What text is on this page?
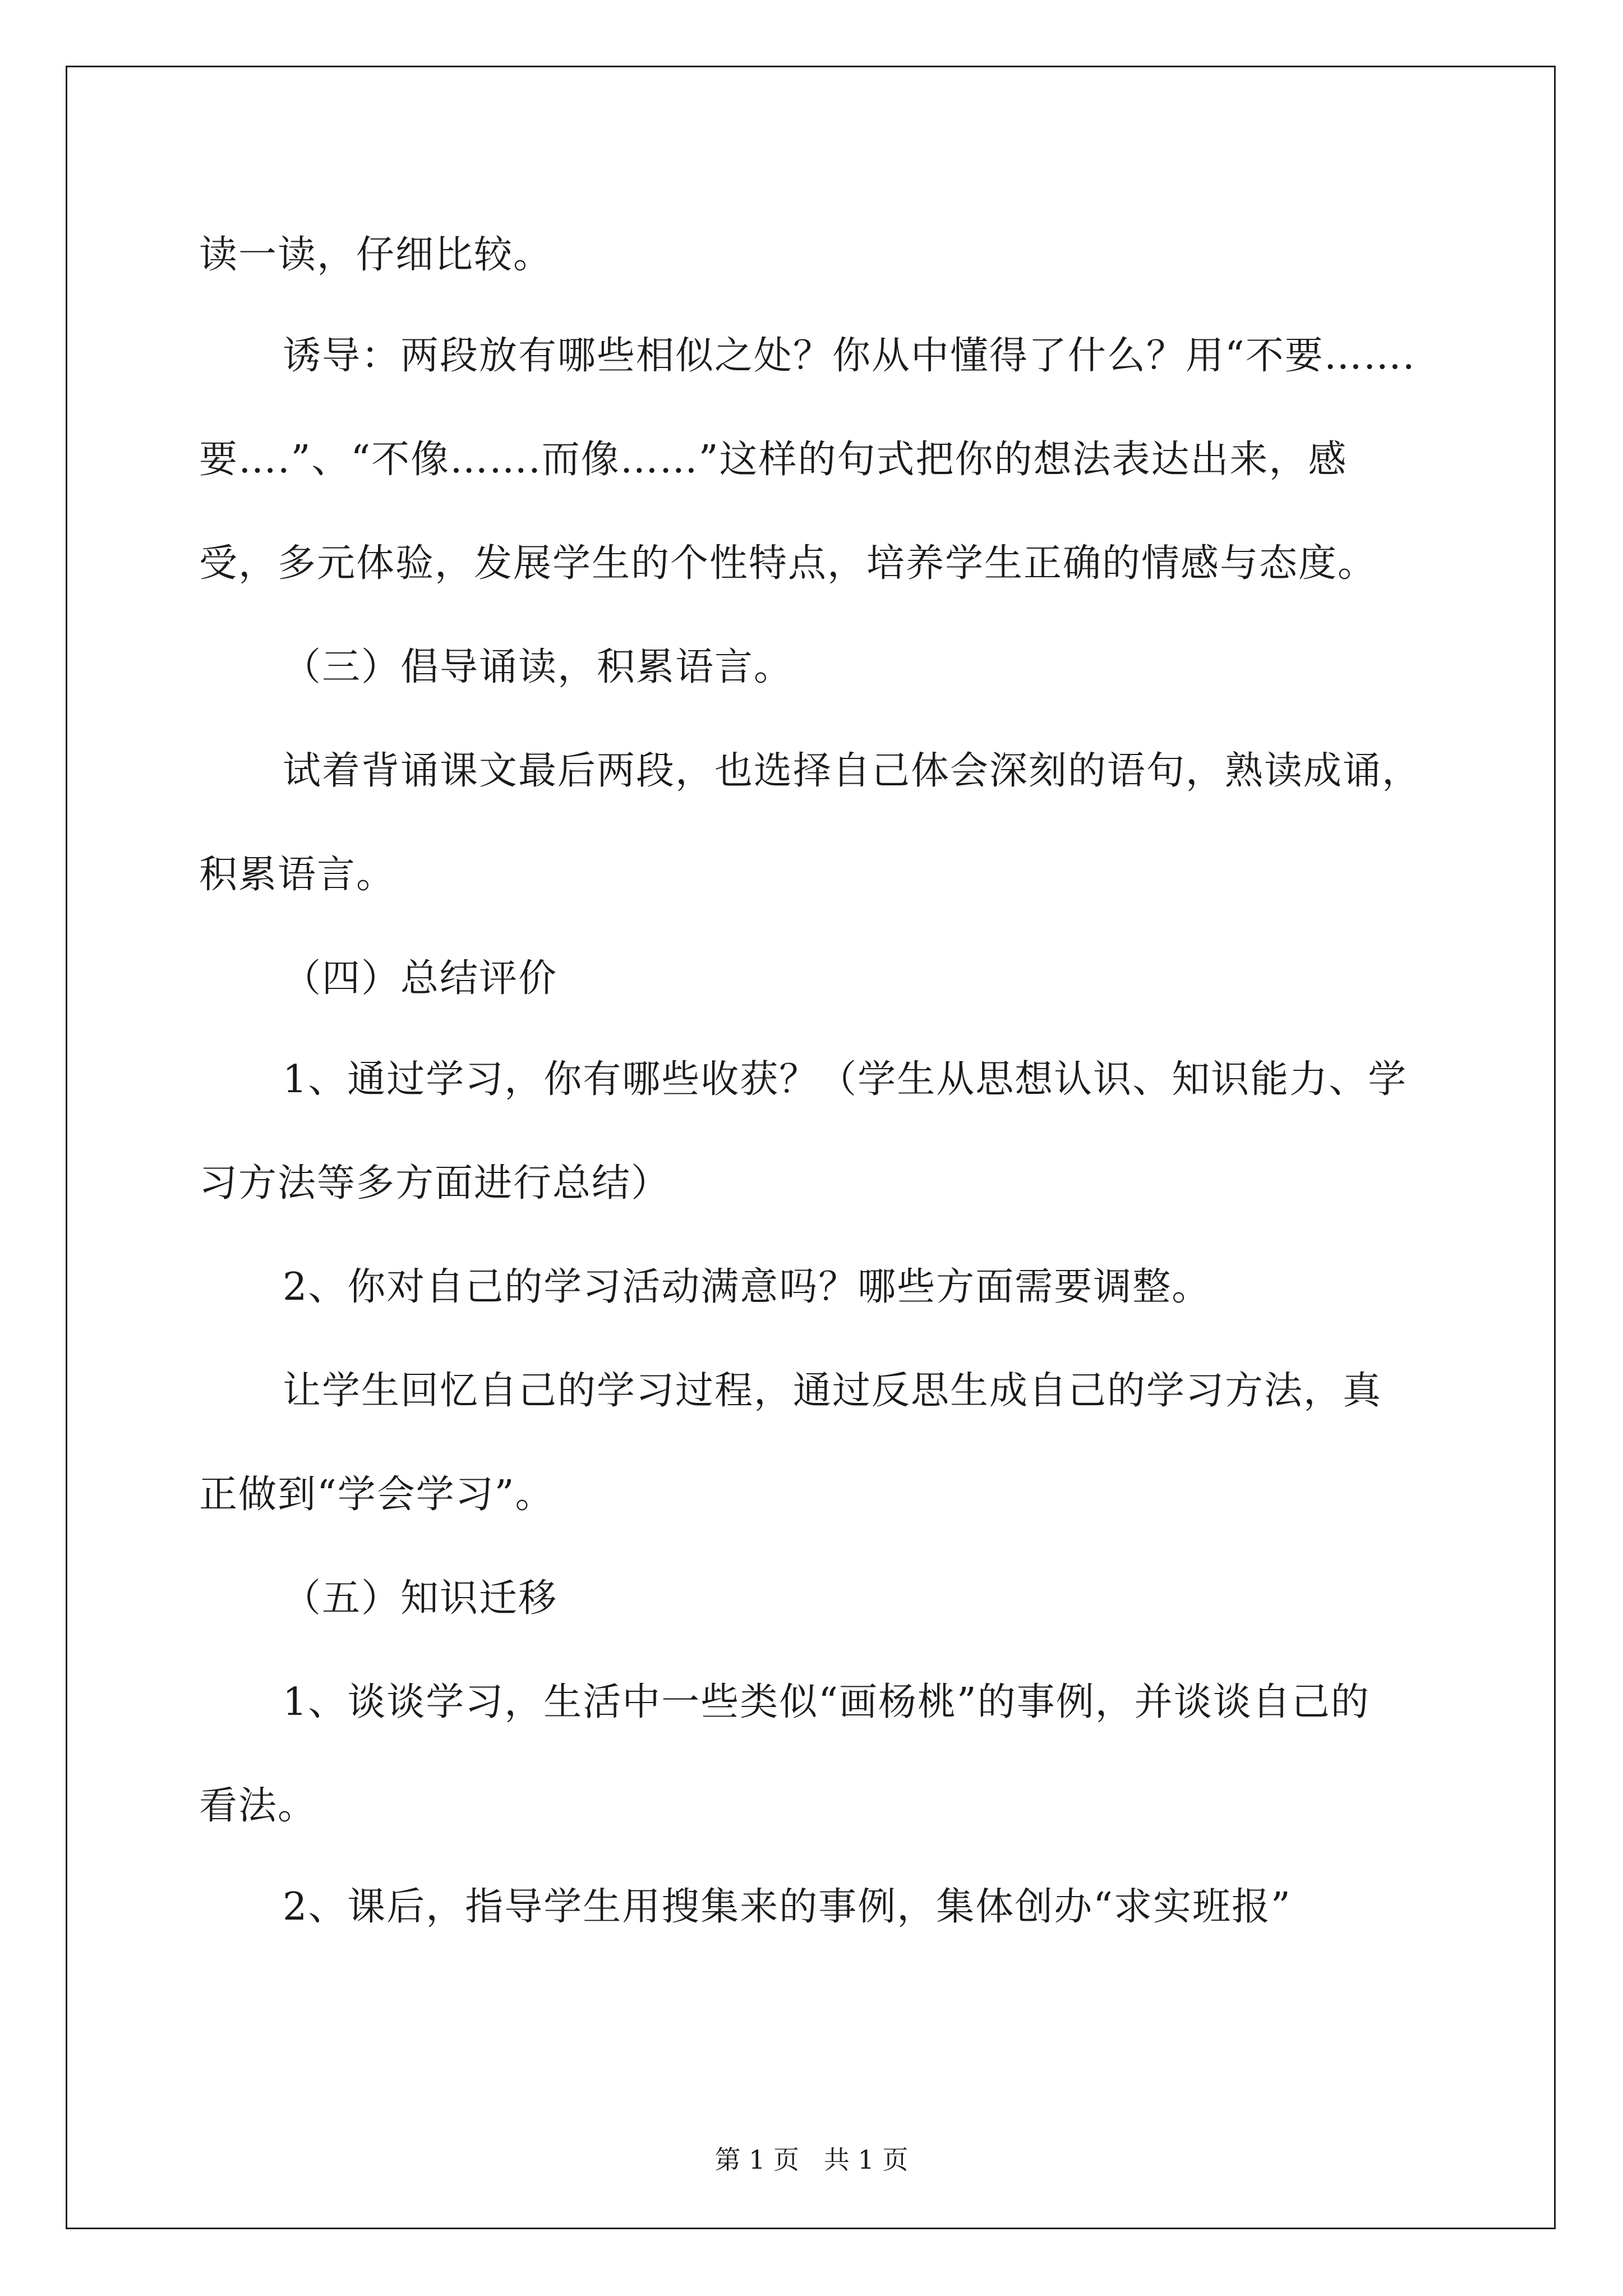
读一读，仔细比较。
诱导：两段放有哪些相似之处？你从中懂得了什么？用“不要…….
要….”、“不像…….而像……”这样的句式把你的想法表达出来，感
受，多元体验，发展学生的个性特点，培养学生正确的情感与态度。
（三）倡导诵读，积累语言。
试着背诵课文最后两段，也选择自己体会深刻的语句，熟读成诵，
积累语言。
（四）总结评价
1、通过学习，你有哪些收获？（学生从思想认识、知识能力、学
习方法等多方面进行总结）
2、你对自己的学习活动满意吗？哪些方面需要调整。
让学生回忆自己的学习过程，通过反思生成自己的学习方法，真
正做到“学会学习”。
（五）知识迁移
1、谈谈学习，生活中一些类似“画杨桃”的事例，并谈谈自己的
看法。
2、课后，指导学生用搜集来的事例，集体创办“求实班报”
第 1 页   共 1 页
